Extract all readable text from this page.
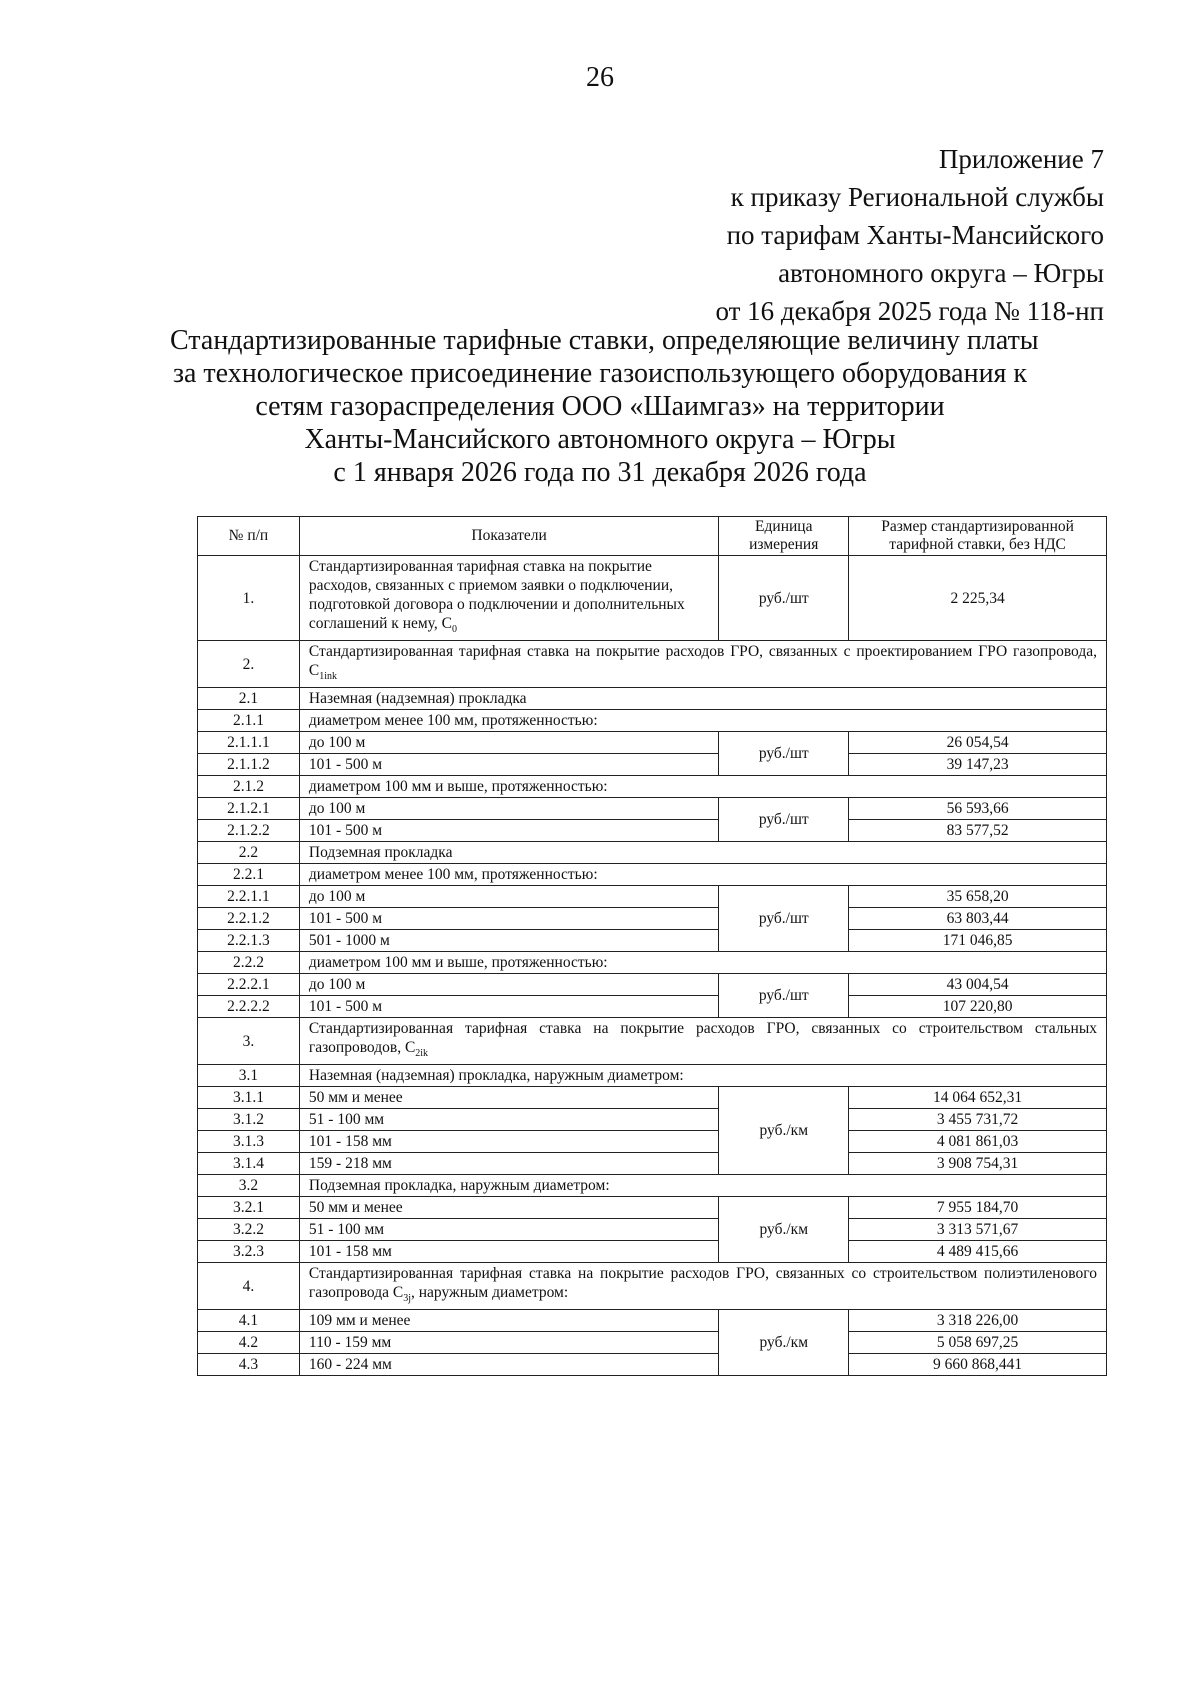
26
Приложение 7
к приказу Региональной службы
по тарифам Ханты-Мансийского
автономного округа – Югры
от 16 декабря 2025 года № 118-нп
Стандартизированные тарифные ставки, определяющие величину платы
за технологическое присоединение газоиспользующего оборудования к
сетям газораспределения ООО «Шаимгаз» на территории
Ханты-Мансийского автономного округа – Югры
с 1 января 2026 года по 31 декабря 2026 года
№ п/п	Показатели	Единица измерения	Размер стандартизированной тарифной ставки, без НДС
1.	Стандартизированная тарифная ставка на покрытие расходов, связанных с приемом заявки о подключении, подготовкой договора о подключении и дополнительных соглашений к нему, $C_0$	руб./шт	2 225,34
2.	Стандартизированная тарифная ставка на покрытие расходов ГРО, связанных с проектированием ГРО газопровода, $C_{1ink}$
2.1	Наземная (надземная) прокладка		
2.1.1	диаметром менее 100 мм, протяженностью:		
2.1.1.1	до 100 м	руб./шт	26 054,54
2.1.1.2	101 - 500 м		39 147,23
2.1.2	диаметром 100 мм и выше, протяженностью:		
2.1.2.1	до 100 м	руб./шт	56 593,66
2.1.2.2	101 - 500 м		83 577,52
2.2	Подземная прокладка		
2.2.1	диаметром менее 100 мм, протяженностью:		
2.2.1.1	до 100 м	руб./шт	35 658,20
2.2.1.2	101 - 500 м		63 803,44
2.2.1.3	501 - 1000 м		171 046,85
2.2.2	диаметром 100 мм и выше, протяженностью:		
2.2.2.1	до 100 м	руб./шт	43 004,54
2.2.2.2	101 - 500 м		107 220,80
3.	Стандартизированная тарифная ставка на покрытие расходов ГРО, связанных со строительством стальных газопроводов, $C_{2ik}$
3.1	Наземная (надземная) прокладка, наружным диаметром:		
3.1.1	50 мм и менее	руб./км	14 064 652,31
3.1.2	51 - 100 мм		3 455 731,72
3.1.3	101 - 158 мм		4 081 861,03
3.1.4	159 - 218 мм		3 908 754,31
3.2	Подземная прокладка, наружным диаметром:		
3.2.1	50 мм и менее	руб./км	7 955 184,70
3.2.2	51 - 100 мм		3 313 571,67
3.2.3	101 - 158 мм		4 489 415,66
4.	Стандартизированная тарифная ставка на покрытие расходов ГРО, связанных со строительством полиэтиленового газопровода $C_{3j}$, наружным диаметром:		
4.1	109 мм и менее	руб./км	3 318 226,00
4.2	110 - 159 мм		5 058 697,25
4.3	160 - 224 мм		9 660 868,441
